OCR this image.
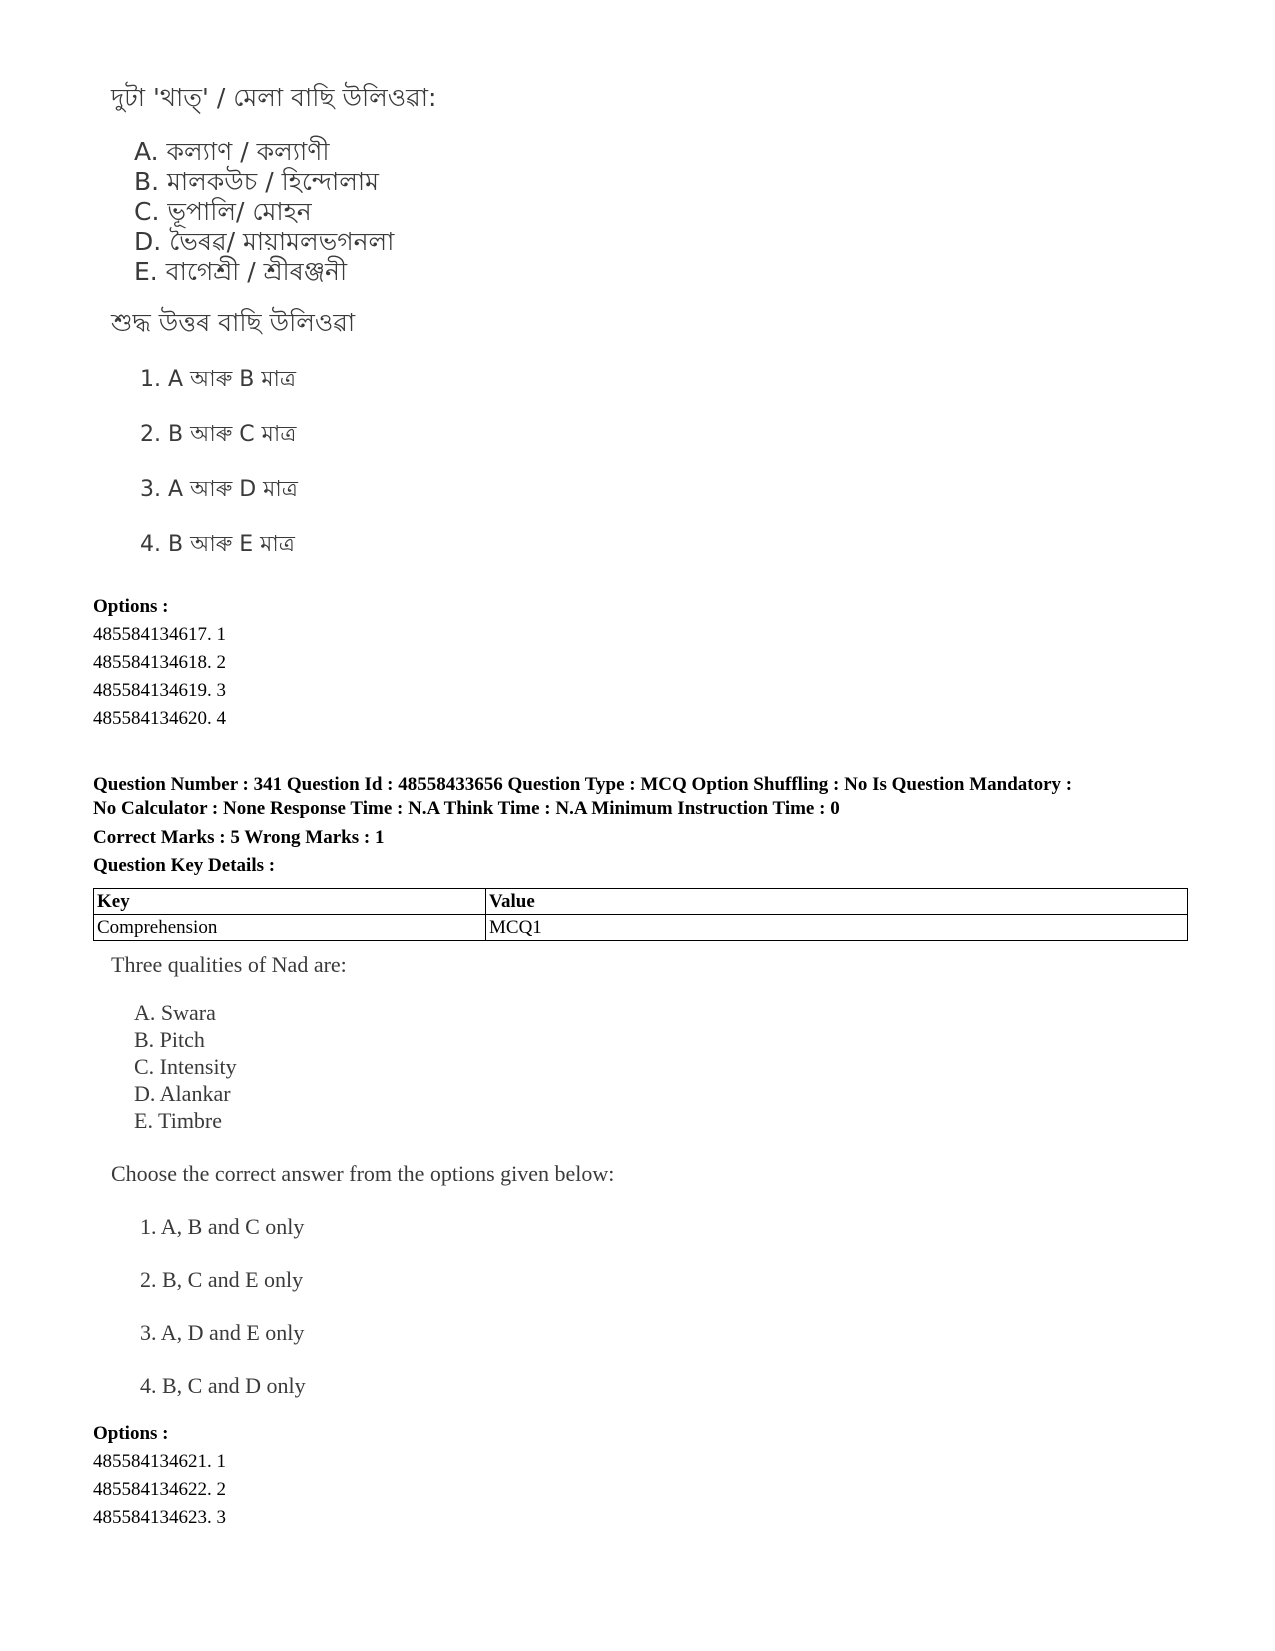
দুটা 'থাত্' / মেলা বাছি উলিওৱা:
A. কল্যাণ / কল্যাণী
B. মালকউচ / হিন্দোলাম
C. ভূপালি/ মোহন
D. ভৈৰৱ/ মায়ামলভগনলা
E. বাগেশ্ৰী / শ্ৰীৰঞ্জনী
শুদ্ধ উত্তৰ বাছি উলিওৱা
1. A আৰু B মাত্ৰ
2. B আৰু C মাত্ৰ
3. A আৰু D মাত্ৰ
4. B আৰু E মাত্ৰ
Options :
485584134617. 1
485584134618. 2
485584134619. 3
485584134620. 4
Question Number : 341 Question Id : 48558433656 Question Type : MCQ Option Shuffling : No Is Question Mandatory :
No Calculator : None Response Time : N.A Think Time : N.A Minimum Instruction Time : 0
Correct Marks : 5 Wrong Marks : 1
Question Key Details :
Key	Value
Comprehension	MCQ1
Three qualities of Nad are:
A. Swara
B. Pitch
C. Intensity
D. Alankar
E. Timbre
Choose the correct answer from the options given below:
1. A, B and C only
2. B, C and E only
3. A, D and E only
4. B, C and D only
Options :
485584134621. 1
485584134622. 2
485584134623. 3
